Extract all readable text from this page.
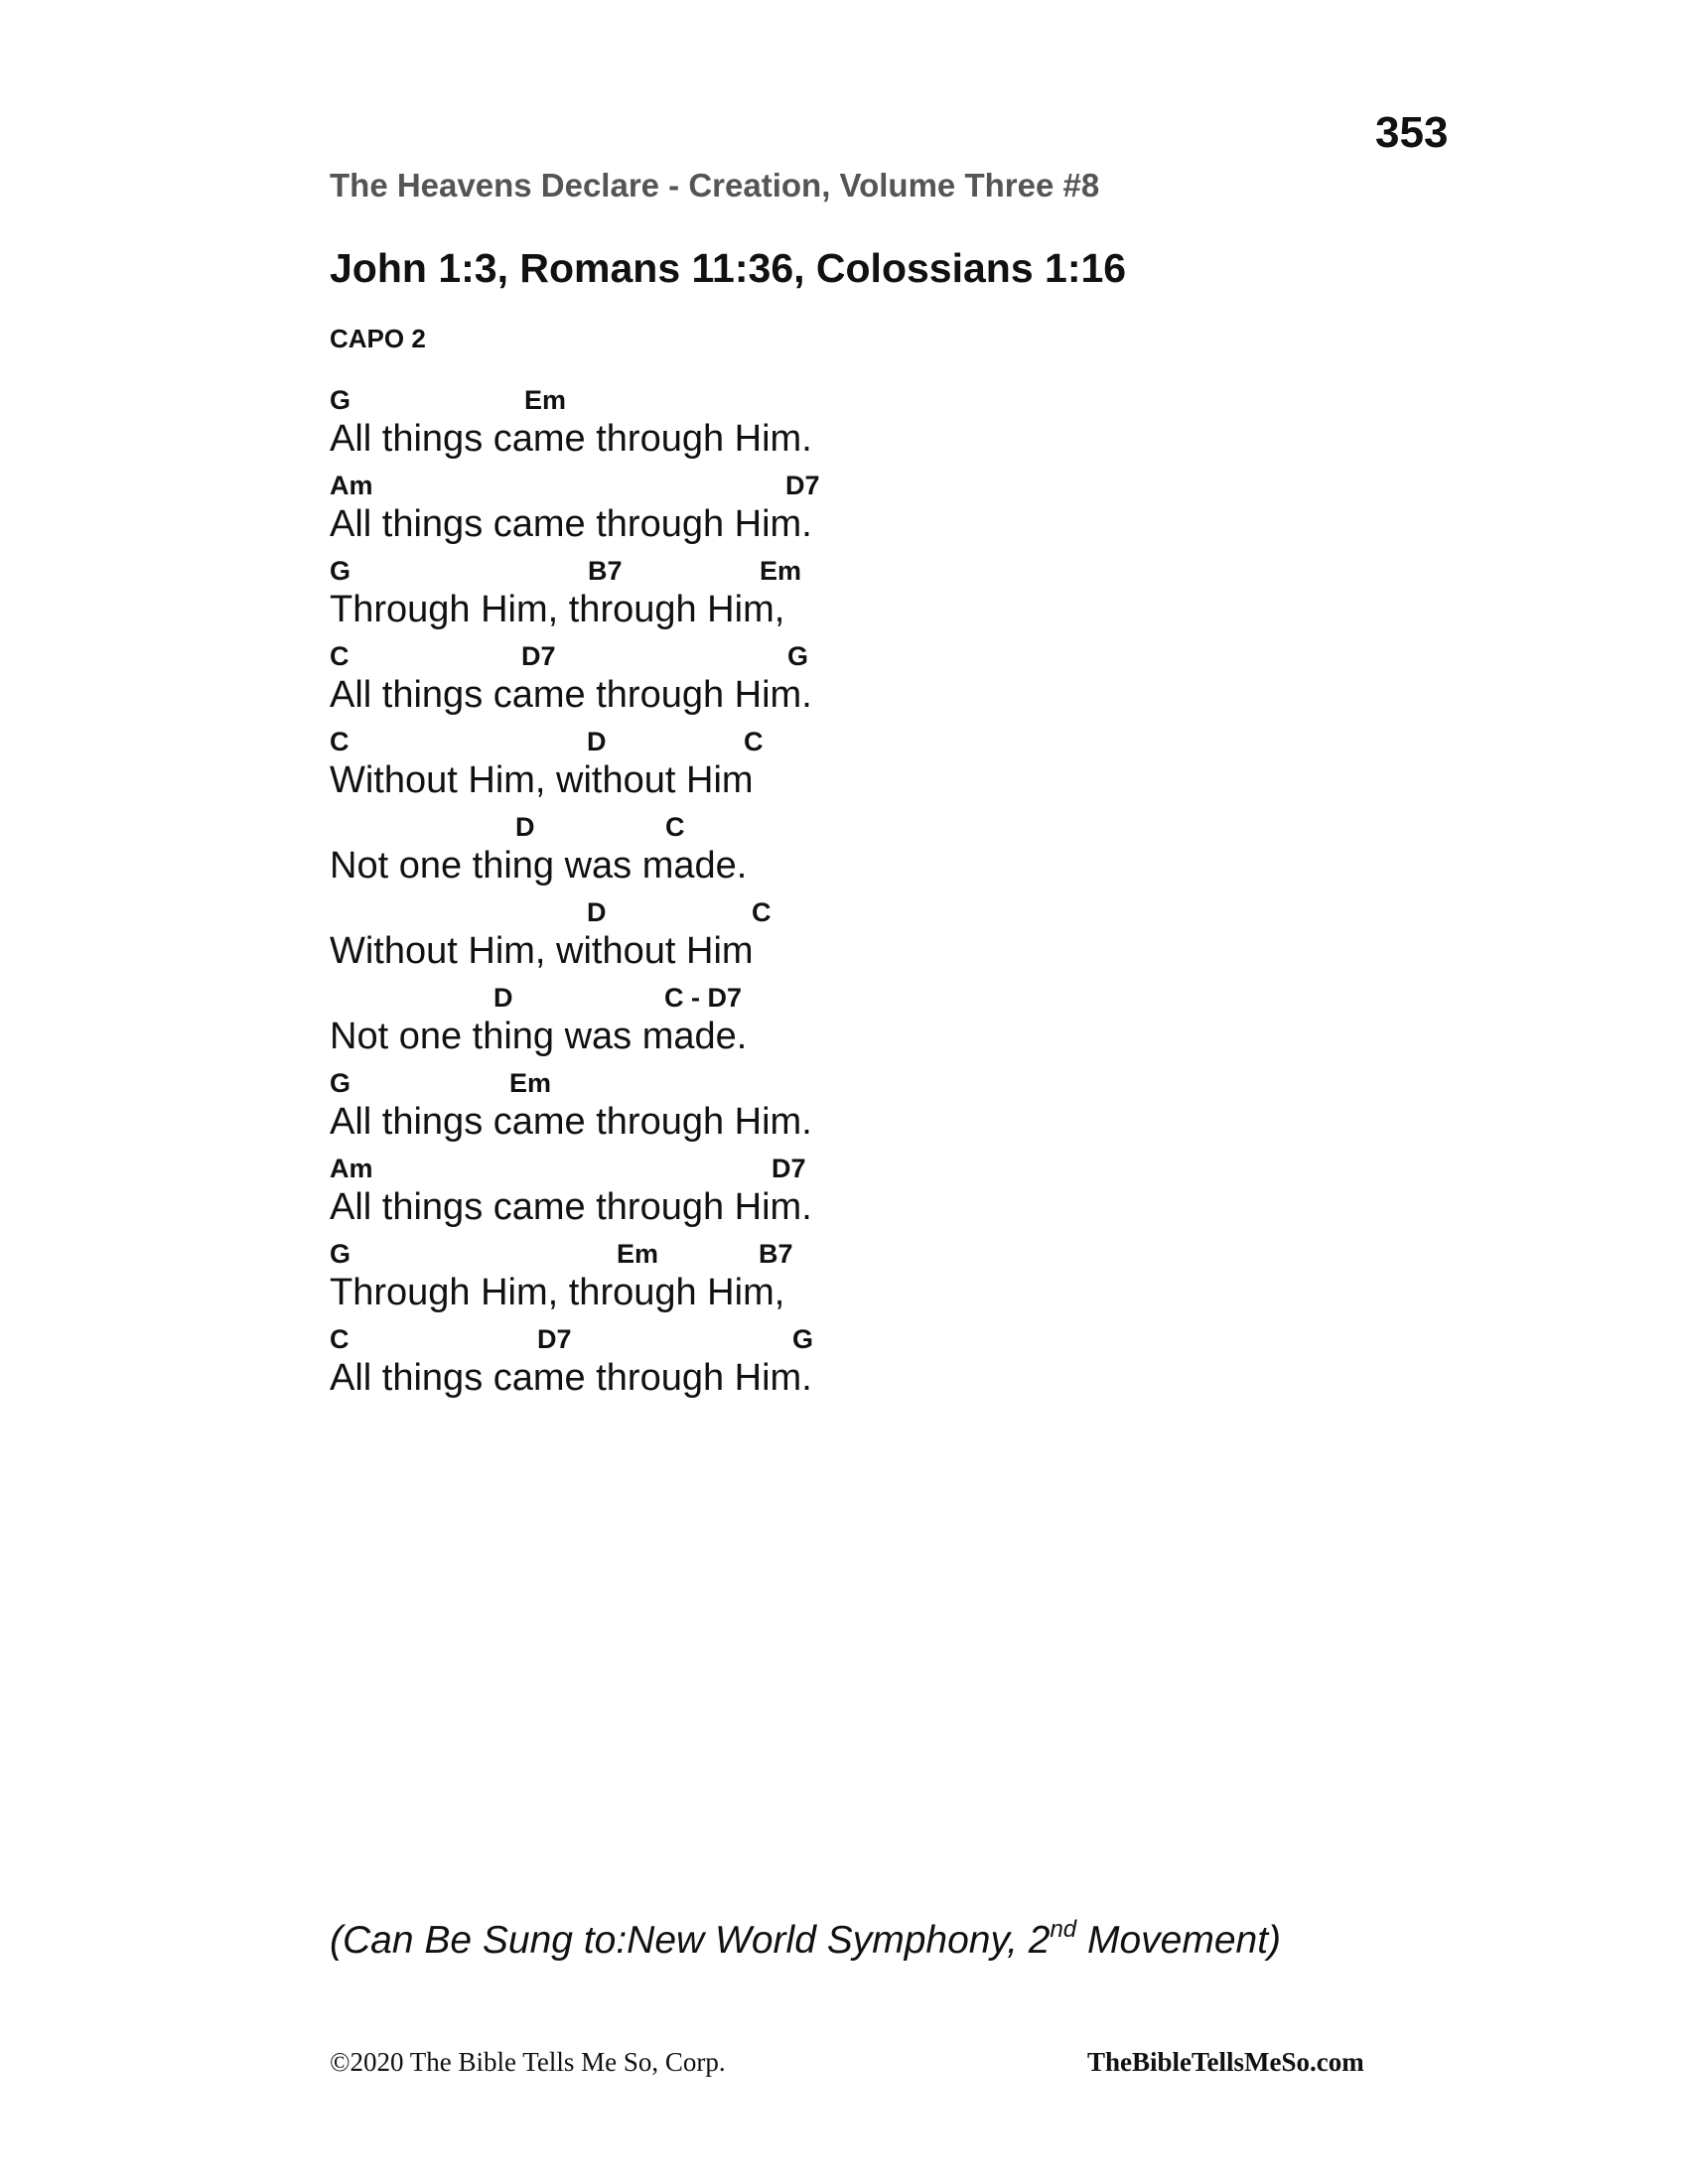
353
The Heavens Declare - Creation, Volume Three #8
John 1:3, Romans 11:36, Colossians 1:16
CAPO 2
G	Em
All things came through Him.
Am	D7
All things came through Him.
G	B7	Em
Through Him, through Him,
C	D7	G
All things came through Him.
C	D	C
Without Him, without Him
D	C
Not one thing was made.
D	C
Without Him, without Him
D	C - D7
Not one thing was made.
G	Em
All things came through Him.
Am	D7
All things came through Him.
G	Em	B7
Through Him, through Him,
C	D7	G
All things came through Him.
(Can Be Sung to:New World Symphony, 2nd Movement)
©2020 The Bible Tells Me So, Corp.	TheBibleTellsMeSo.com
